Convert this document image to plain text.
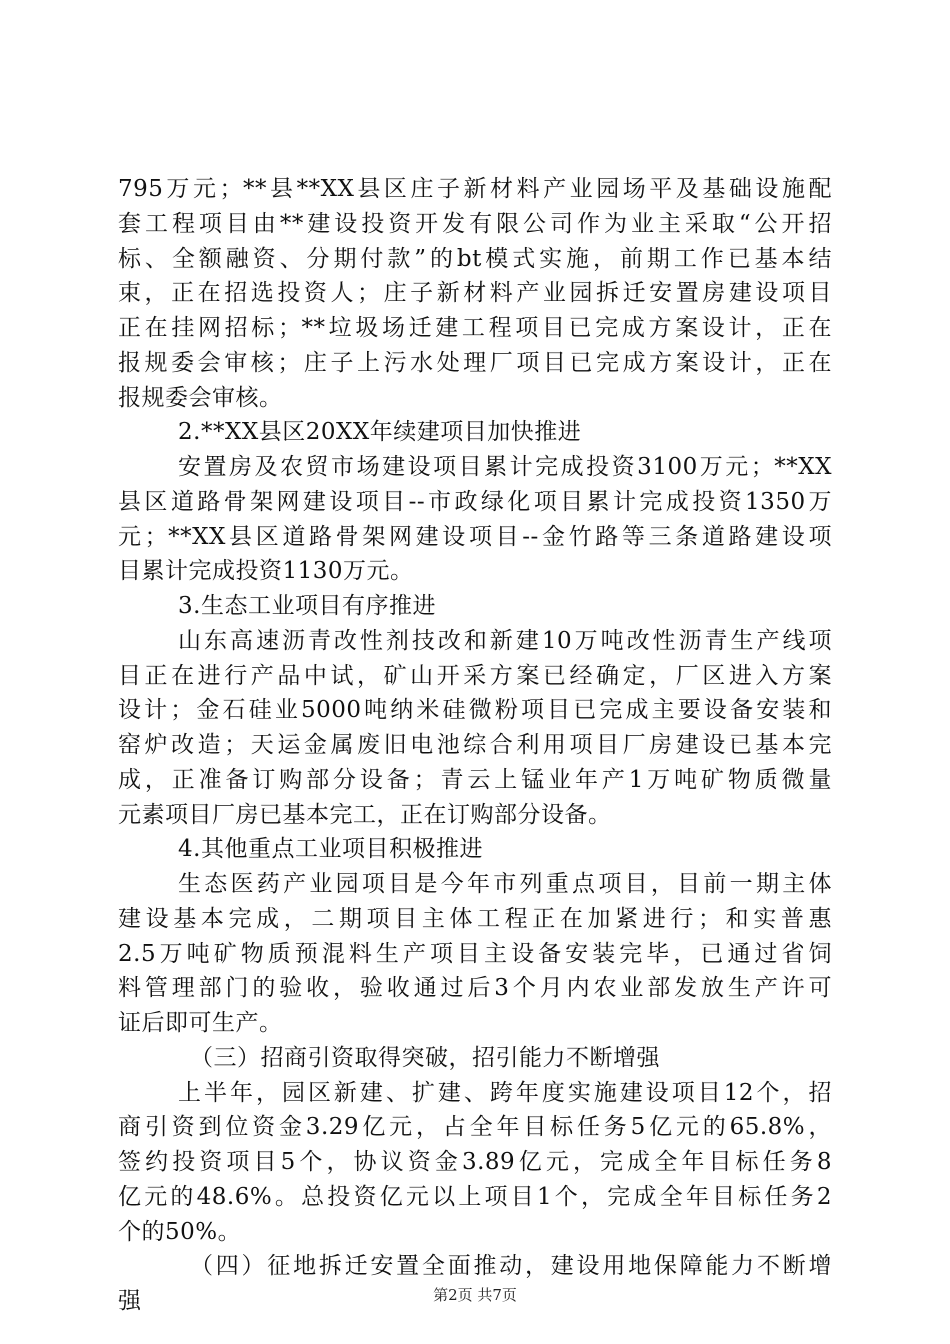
795万元；**县**XX县区庄子新材料产业园场平及基础设施配
套工程项目由**建设投资开发有限公司作为业主采取“公开招
标、全额融资、分期付款”的bt模式实施，前期工作已基本结
束，正在招选投资人；庄子新材料产业园拆迁安置房建设项目
正在挂网招标；**垃圾场迁建工程项目已完成方案设计，正在
报规委会审核；庄子上污水处理厂项目已完成方案设计，正在
报规委会审核。
2.**XX县区20XX年续建项目加快推进
安置房及农贸市场建设项目累计完成投资3100万元；**XX
县区道路骨架网建设项目--市政绿化项目累计完成投资1350万
元；**XX县区道路骨架网建设项目--金竹路等三条道路建设项
目累计完成投资1130万元。
3.生态工业项目有序推进
山东高速沥青改性剂技改和新建10万吨改性沥青生产线项
目正在进行产品中试，矿山开采方案已经确定，厂区进入方案
设计；金石硅业5000吨纳米硅微粉项目已完成主要设备安装和
窑炉改造；天运金属废旧电池综合利用项目厂房建设已基本完
成，正准备订购部分设备；青云上锰业年产1万吨矿物质微量
元素项目厂房已基本完工，正在订购部分设备。
4.其他重点工业项目积极推进
生态医药产业园项目是今年市列重点项目，目前一期主体
建设基本完成，二期项目主体工程正在加紧进行；和实普惠
2.5万吨矿物质预混料生产项目主设备安装完毕，已通过省饲
料管理部门的验收，验收通过后3个月内农业部发放生产许可
证后即可生产。
（三）招商引资取得突破，招引能力不断增强
上半年，园区新建、扩建、跨年度实施建设项目12个，招
商引资到位资金3.29亿元，占全年目标任务5亿元的65.8%，
签约投资项目5个，协议资金3.89亿元，完成全年目标任务8
亿元的48.6%。总投资亿元以上项目1个，完成全年目标任务2
个的50%。
（四）征地拆迁安置全面推动，建设用地保障能力不断增
强	第2页 共7页
